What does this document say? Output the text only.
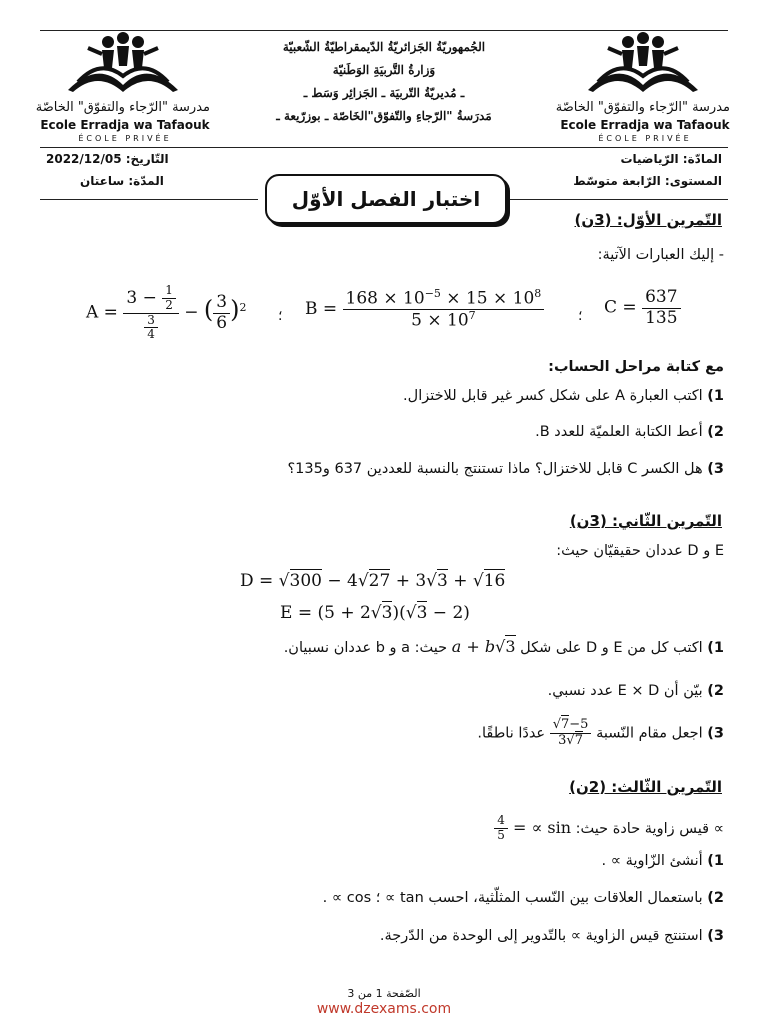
مدرسة "الرّجاء والتفوّق" الخاصّة
Ecole Erradja wa Tafaouk
ÉCOLE PRIVÉE
مدرسة "الرّجاء والتفوّق" الخاصّة
Ecole Erradja wa Tafaouk
ÉCOLE PRIVÉE
الجُمهوريّةُ الجَزائريّةُ الدّيمقراطيّةُ الشّعبيّة
وَزارةُ التَّربيَةِ الوَطَنيّة
ـ مُديريّةُ التّربيَة ـ الجَزائِر وَسَط ـ
مَدرَسةُ "الرّجاءِ والتّفوّق"الخَاصّة ـ بوزرّيعة ـ
المادّة: الرّياضيات
التّاريخ: 2022/12/05
المستوى: الرّابعة متوسّط
المدّة: ساعتان
اختبار الفصل الأوّل
التّمرين الأوّل: (3ن)
- إليك العبارات الآتية:
$A = \frac{3 - \frac{1}{2}}{\frac{3}{4}}$ − ( $\frac{3}{6} )^2$
؛ $B = \frac{168 \times 10^{-5} \times 15 \times 10^8}{5 \times 10^7}$ ؛ $C = \frac{637}{135}$
مع كتابة مراحل الحساب:
1) اكتب العبارة A على شكل كسر غير قابل للاختزال.
2) أعط الكتابة العلميّة للعدد B.
3) هل الكسر C قابل للاختزال؟ ماذا تستنتج بالنسبة للعددين 637 و135؟
التّمرين الثّاني: (3ن)
E و D عددان حقيقيّان حيث:
D = √300 − 4√27 + 3√3 + √16
E = (5 + 2√3)(√3 − 2)
1) اكتب كل من E و D على شكل a + b√3 حيث: a و b عددان نسبيان.
2) بيّن أن E × D عدد نسبي.
3) اجعل مقام النّسبة
$\frac{√7-5}{3√7}$
عددًا ناطقًا.
التّمرين الثّالث: (2ن)
∝ قيس زاوية حادة حيث: sin ∝ =
$\frac{4}{5}$
1) أنشئ الزّاوية ∝ .
2) باستعمال العلاقات بين النّسب المثلّثية، احسب tan ∝ ؛ cos ∝ .
3) استنتج قيس الزاوية ∝ بالتّدوير إلى الوحدة من الدّرجة.
الصّفحة 1 من 3
www.dzexams.com
